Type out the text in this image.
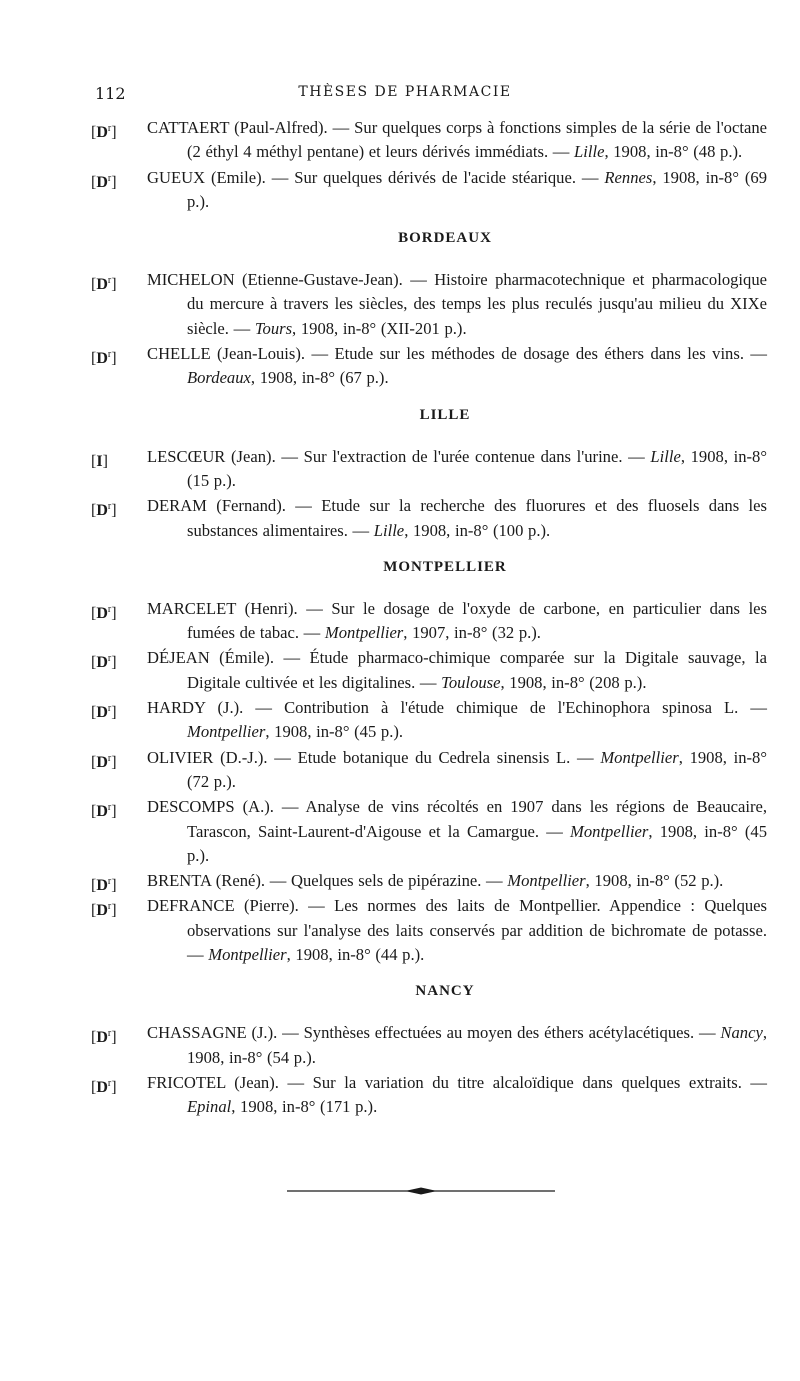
112	THÈSES DE PHARMACIE
$[D^r]$ CATTAERT (Paul-Alfred). — Sur quelques corps à fonctions simples de la série de l'octane (2 éthyl 4 méthyl pentane) et leurs dérivés immédiats. — Lille, 1908, in-8° (48 p.).
$[D^r]$ GUEUX (Emile). — Sur quelques dérivés de l'acide stéarique. — Rennes, 1908, in-8° (69 p.).
BORDEAUX
$[D^r]$ MICHELON (Etienne-Gustave-Jean). — Histoire pharmacotechnique et pharmacologique du mercure à travers les siècles, des temps les plus reculés jusqu'au milieu du XIXe siècle. — Tours, 1908, in-8° (XII-201 p.).
$[D^r]$ CHELLE (Jean-Louis). — Etude sur les méthodes de dosage des éthers dans les vins. — Bordeaux, 1908, in-8° (67 p.).
LILLE
[I] LESCŒUR (Jean). — Sur l'extraction de l'urée contenue dans l'urine. — Lille, 1908, in-8° (15 p.).
$[D^r]$ DERAM (Fernand). — Etude sur la recherche des fluorures et des fluosels dans les substances alimentaires. — Lille, 1908, in-8° (100 p.).
MONTPELLIER
$[D^r]$ MARCELET (Henri). — Sur le dosage de l'oxyde de carbone, en particulier dans les fumées de tabac. — Montpellier, 1907, in-8° (32 p.).
$[D^r]$ DÉJEAN (Émile). — Étude pharmaco-chimique comparée sur la Digitale sauvage, la Digitale cultivée et les digitalines. — Toulouse, 1908, in-8° (208 p.).
$[D^r]$ HARDY (J.). — Contribution à l'étude chimique de l'Echinophora spinosa L. — Montpellier, 1908, in-8° (45 p.).
$[D^r]$ OLIVIER (D.-J.). — Etude botanique du Cedrela sinensis L. — Montpellier, 1908, in-8° (72 p.).
$[D^r]$ DESCOMPS (A.). — Analyse de vins récoltés en 1907 dans les régions de Beaucaire, Tarascon, Saint-Laurent-d'Aigouse et la Camargue. — Montpellier, 1908, in-8° (45 p.).
$[D^r]$ BRENTA (René). — Quelques sels de pipérazine. — Montpellier, 1908, in-8° (52 p.).
$[D^r]$ DEFRANCE (Pierre). — Les normes des laits de Montpellier. Appendice : Quelques observations sur l'analyse des laits conservés par addition de bichromate de potasse. — Montpellier, 1908, in-8° (44 p.).
NANCY
$[D^r]$ CHASSAGNE (J.). — Synthèses effectuées au moyen des éthers acétylacétiques. — Nancy, 1908, in-8° (54 p.).
$[D^r]$ FRICOTEL (Jean). — Sur la variation du titre alcaloïdique dans quelques extraits. — Epinal, 1908, in-8° (171 p.).
